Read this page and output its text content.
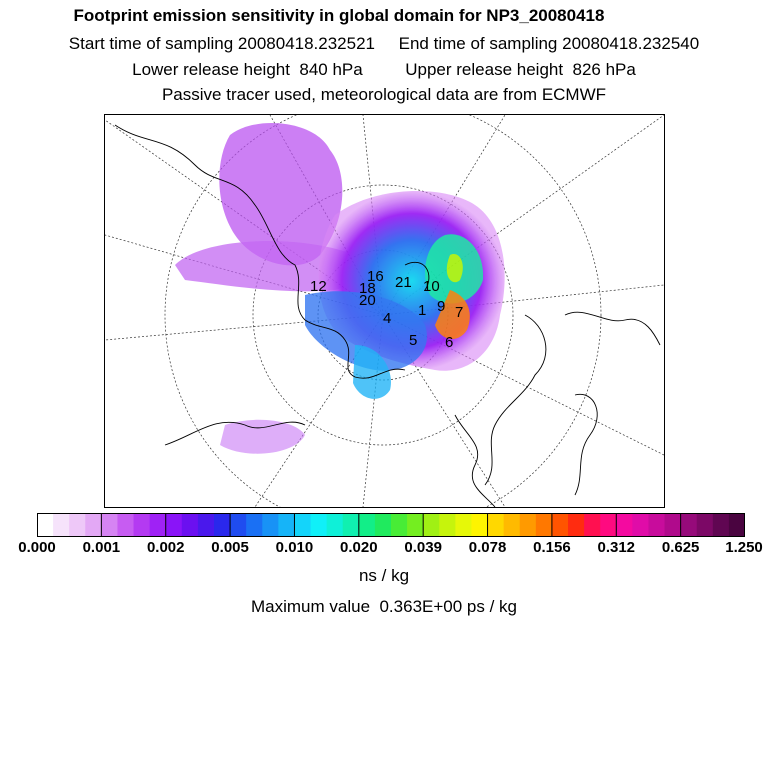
Footprint emission sensitivity in global domain for NP3_20080418
Start time of sampling 20080418.232521 End time of sampling 20080418.232540
Lower release height  840 hPa	Upper release height  826 hPa
Passive tracer used, meteorological data are from ECMWF
12 18
20
4
16 21 10
9
1 7
6
5
0.000 0.001 0.002 0.005 0.010 0.020 0.039 0.078 0.156 0.312 0.625 1.250
ns / kg
Maximum value  0.363E+00 ps / kg
